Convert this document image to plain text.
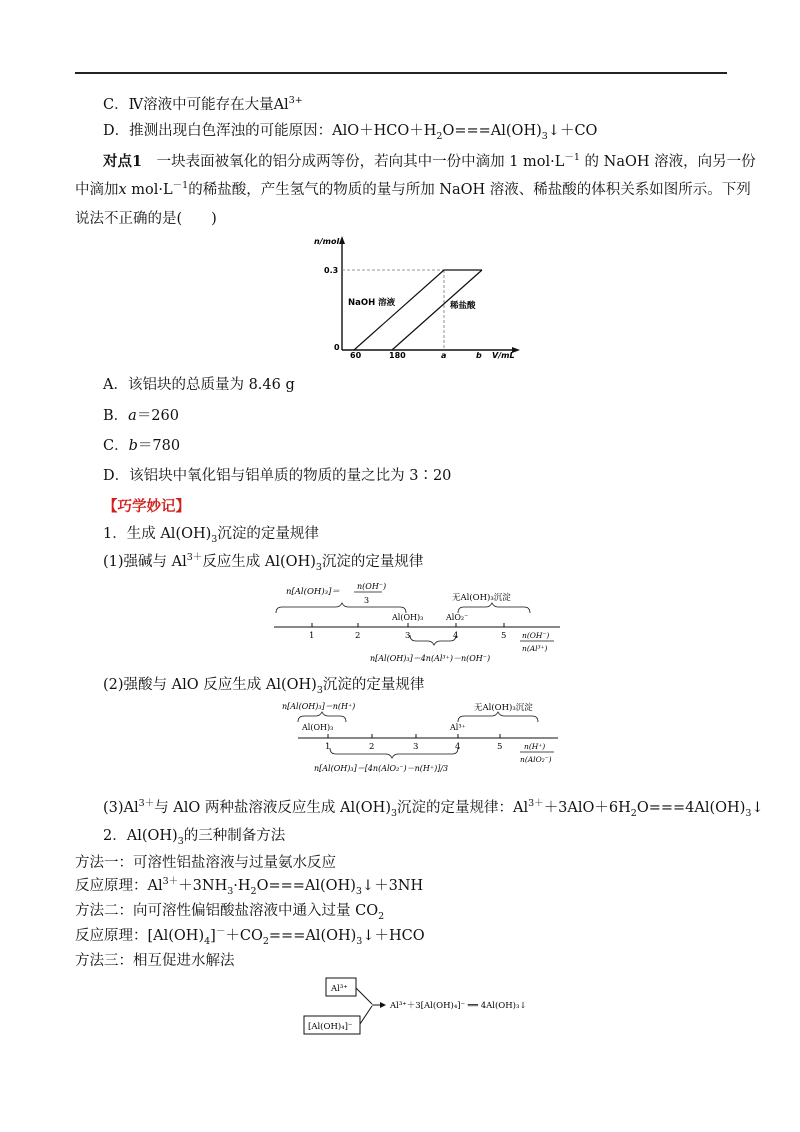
C．Ⅳ溶液中可能存在大量$Al^{3+}$
D．推测出现白色浑浊的可能原因：$AlO+HCO+H_2O===Al(OH)_3↓+CO$
对点1　 一块表面被氧化的铝分成两等份，若向其中一份中滴加 1 $mol\cdot L^{-1}$ 的 NaOH 溶液，向另一份
中滴加x $mol\cdot L^{-1}$的稀盐酸，产生氢气的物质的量与所加 NaOH 溶液、稀盐酸的体积关系如图所示。下列
说法不正确的是(　　)
n/mol
0.3
0
NaOH 溶液	稀盐酸
60	180	a	b V/mL
A．该铝块的总质量为 8.46 g
B．a＝260
C．b＝780
D．该铝块中氧化铝与铝单质的物质的量之比为 3∶20
【巧学妙记】
1．生成 $Al(OH)_3$沉淀的定量规律
(1)强碱与 $Al^{3+}$反应生成 $Al(OH)_3$沉淀的定量规律
n[Al(OH)₃]＝
n(OH⁻)
3	无Al(OH)₃沉淀
Al(OH)₃	AlO₂⁻
1	2	3	4	5 n(OH⁻)
n(Al³⁺)
n[Al(OH)₃]＝4n(Al³⁺)－n(OH⁻)
(2)强酸与 AlO 反应生成 $Al(OH)_3$沉淀的定量规律
n[Al(OH)₃]＝n(H⁺)	无Al(OH)₃沉淀
Al(OH)₃	Al³⁺
1	2	3	4	5	n(H⁺)
n(AlO₂⁻)
n[Al(OH)₃]＝[4n(AlO₂⁻)－n(H⁺)]/3
$(3)Al^{3+}$与 AlO 两种盐溶液反应生成 $Al(OH)_3$沉淀的定量规律：$Al^{3+}+3AlO+6H_2O===4Al(OH)_3↓$
2．$Al(OH)_3$的三种制备方法
方法一：可溶性铝盐溶液与过量氨水反应
反应原理：$Al^{3+}+3NH_3\cdot H_2O===Al(OH)_3↓+3NH$
方法二：向可溶性偏铝酸盐溶液中通入过量 $CO_2$
反应原理：$[Al(OH)_4]^-+CO_2===Al(OH)_3↓+HCO$
方法三：相互促进水解法
Al³⁺
[Al(OH)₄]⁻
Al³⁺＋3[Al(OH)₄]⁻ ══ 4Al(OH)₃↓
